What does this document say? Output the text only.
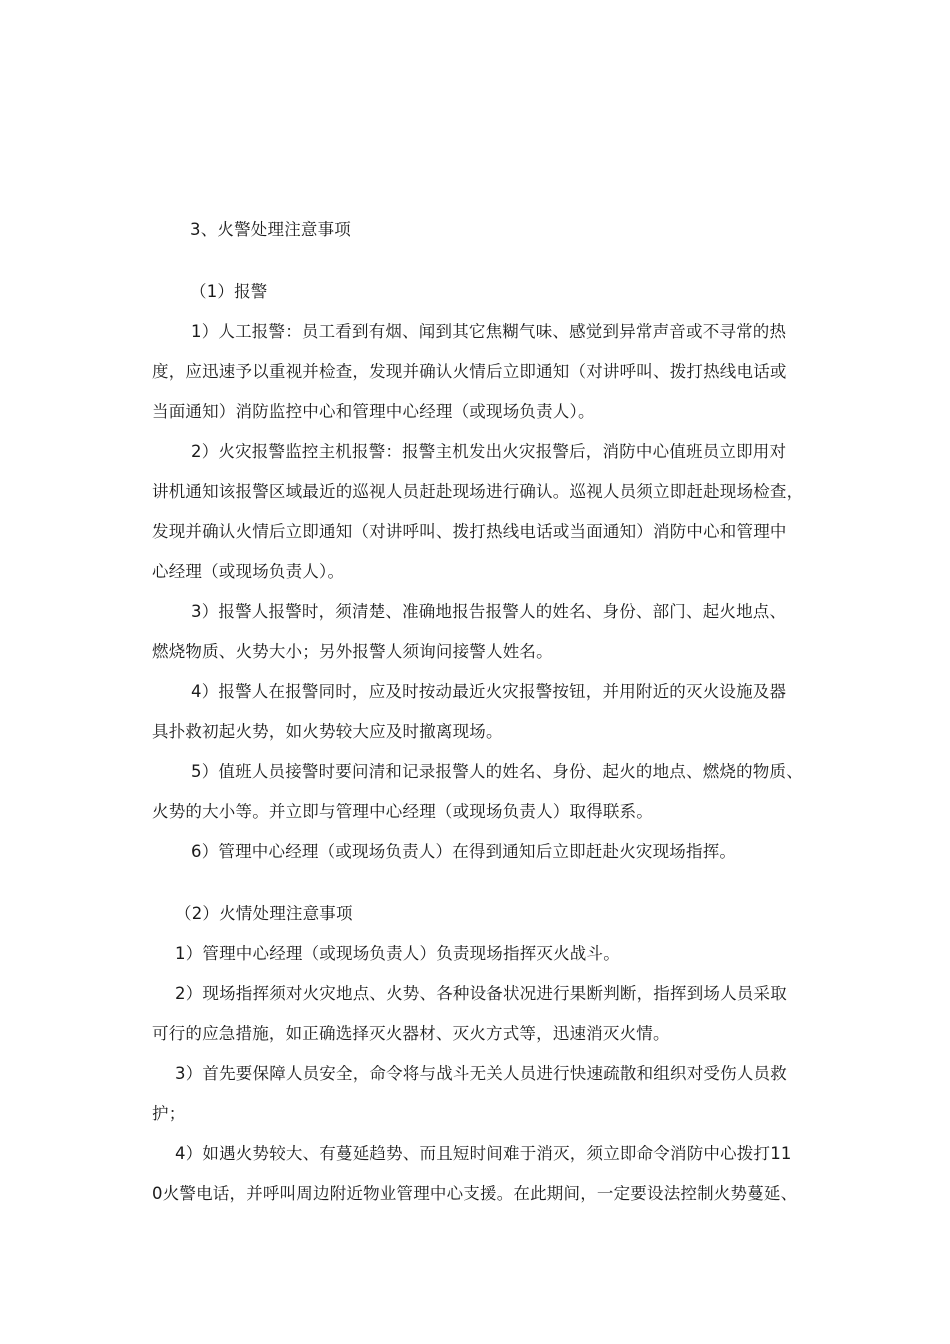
3、火警处理注意事项
（1）报警
1）人工报警：员工看到有烟、闻到其它焦糊气味、感觉到异常声音或不寻常的热
度，应迅速予以重视并检查，发现并确认火情后立即通知（对讲呼叫、拨打热线电话或
当面通知）消防监控中心和管理中心经理（或现场负责人）。
2）火灾报警监控主机报警：报警主机发出火灾报警后，消防中心值班员立即用对
讲机通知该报警区域最近的巡视人员赶赴现场进行确认。巡视人员须立即赶赴现场检查，
发现并确认火情后立即通知（对讲呼叫、拨打热线电话或当面通知）消防中心和管理中
心经理（或现场负责人）。
3）报警人报警时，须清楚、准确地报告报警人的姓名、身份、部门、起火地点、
燃烧物质、火势大小；另外报警人须询问接警人姓名。
4）报警人在报警同时，应及时按动最近火灾报警按钮，并用附近的灭火设施及器
具扑救初起火势，如火势较大应及时撤离现场。
5）值班人员接警时要问清和记录报警人的姓名、身份、起火的地点、燃烧的物质、
火势的大小等。并立即与管理中心经理（或现场负责人）取得联系。
6）管理中心经理（或现场负责人）在得到通知后立即赶赴火灾现场指挥。
（2）火情处理注意事项
1）管理中心经理（或现场负责人）负责现场指挥灭火战斗。
2）现场指挥须对火灾地点、火势、各种设备状况进行果断判断，指挥到场人员采取
可行的应急措施，如正确选择灭火器材、灭火方式等，迅速消灭火情。
3）首先要保障人员安全，命令将与战斗无关人员进行快速疏散和组织对受伤人员救
护；
4）如遇火势较大、有蔓延趋势、而且短时间难于消灭，须立即命令消防中心拨打11
0火警电话，并呼叫周边附近物业管理中心支援。在此期间，一定要设法控制火势蔓延、
